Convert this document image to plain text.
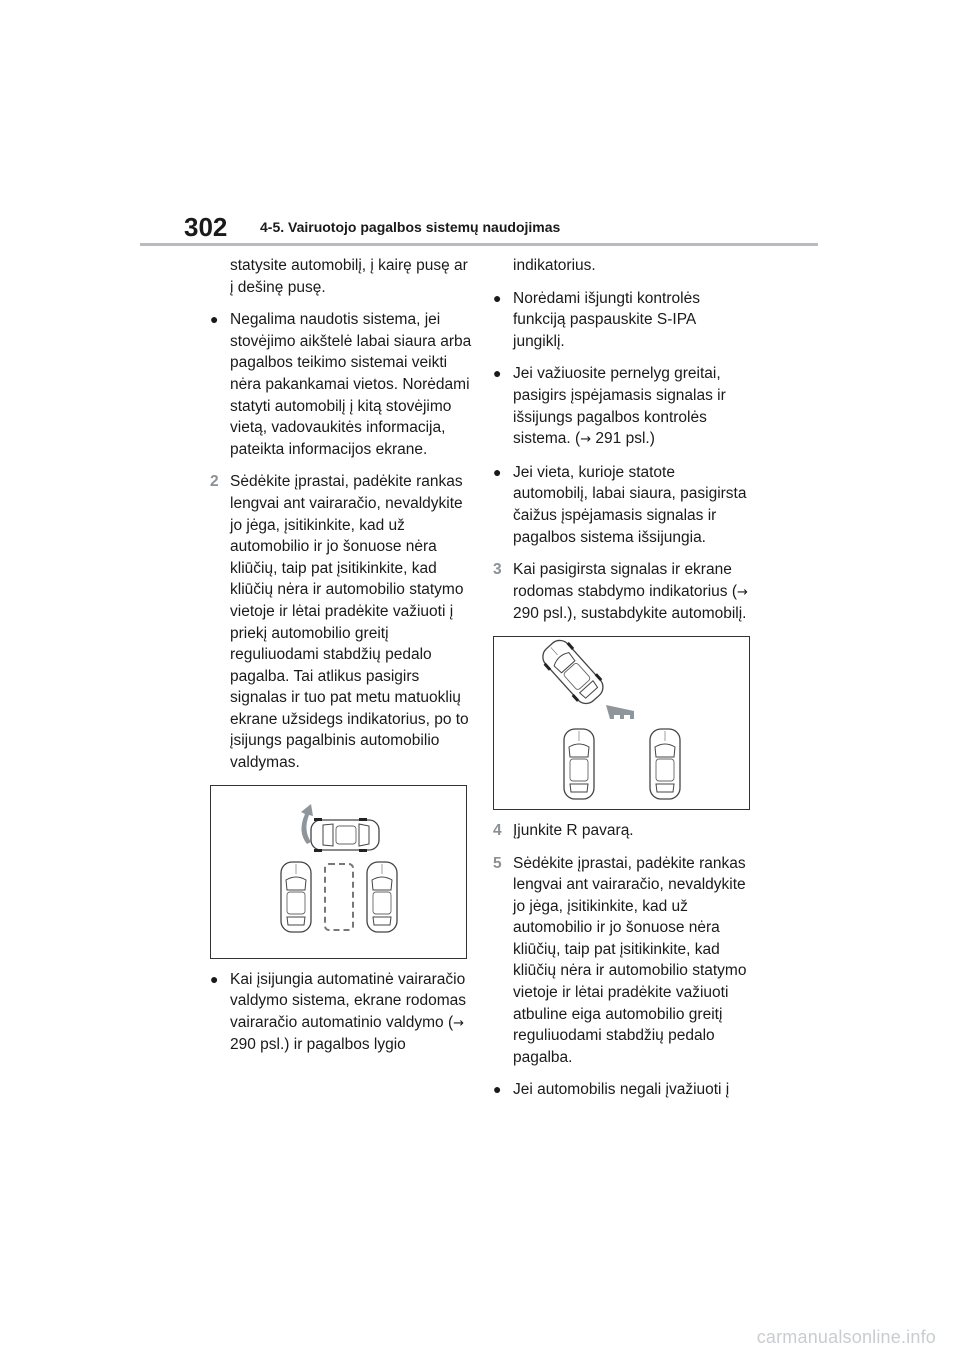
302 4-5. Vairuotojo pagalbos sistemų naudojimas

statysite automobilį, į kairę pusę ar į dešinę pusę.

● Negalima naudotis sistema, jei stovėjimo aikštelė labai siaura arba pagalbos teikimo sistemai veikti nėra pakankamai vietos. Norėdami statyti automobilį į kitą stovėjimo vietą, vadovaukitės informacija, pateikta informacijos ekrane.
2 Sėdėkite įprastai, padėkite rankas lengvai ant vairaračio, nevaldykite jo jėga, įsitikinkite, kad už automobilio ir jo šonuose nėra kliūčių, taip pat įsitikinkite, kad kliūčių nėra ir automobilio statymo vietoje ir lėtai pradėkite važiuoti į priekį automobilio greitį reguliuodami stabdžių pedalo pagalba. Tai atlikus pasigirs signalas ir tuo pat metu matuoklių ekrane užsidegs indikatorius, po to įsijungs pagalbinis automobilio valdymas.
● Kai įsijungia automatinė vairaračio valdymo sistema, ekrane rodomas vairaračio automatinio valdymo (→ 290 psl.) ir pagalbos lygio

indikatorius.

● Norėdami išjungti kontrolės funkciją paspauskite S-IPA jungiklį.
● Jei važiuosite pernelyg greitai, pasigirs įspėjamasis signalas ir išsijungs pagalbos kontrolės sistema. (→ 291 psl.)
● Jei vieta, kurioje statote automobilį, labai siaura, pasigirsta čaižus įspėjamasis signalas ir pagalbos sistema išsijungia.
3 Kai pasigirsta signalas ir ekrane rodomas stabdymo indikatorius (→ 290 psl.), sustabdykite automobilį.
4 Įjunkite R pavarą.
5 Sėdėkite įprastai, padėkite rankas lengvai ant vairaračio, nevaldykite jo jėga, įsitikinkite, kad už automobilio ir jo šonuose nėra kliūčių, taip pat įsitikinkite, kad kliūčių nėra ir automobilio statymo vietoje ir lėtai pradėkite važiuoti atbuline eiga automobilio greitį reguliuodami stabdžių pedalo pagalba.
● Jei automobilis negali įvažiuoti į
carmanualsonline.info
